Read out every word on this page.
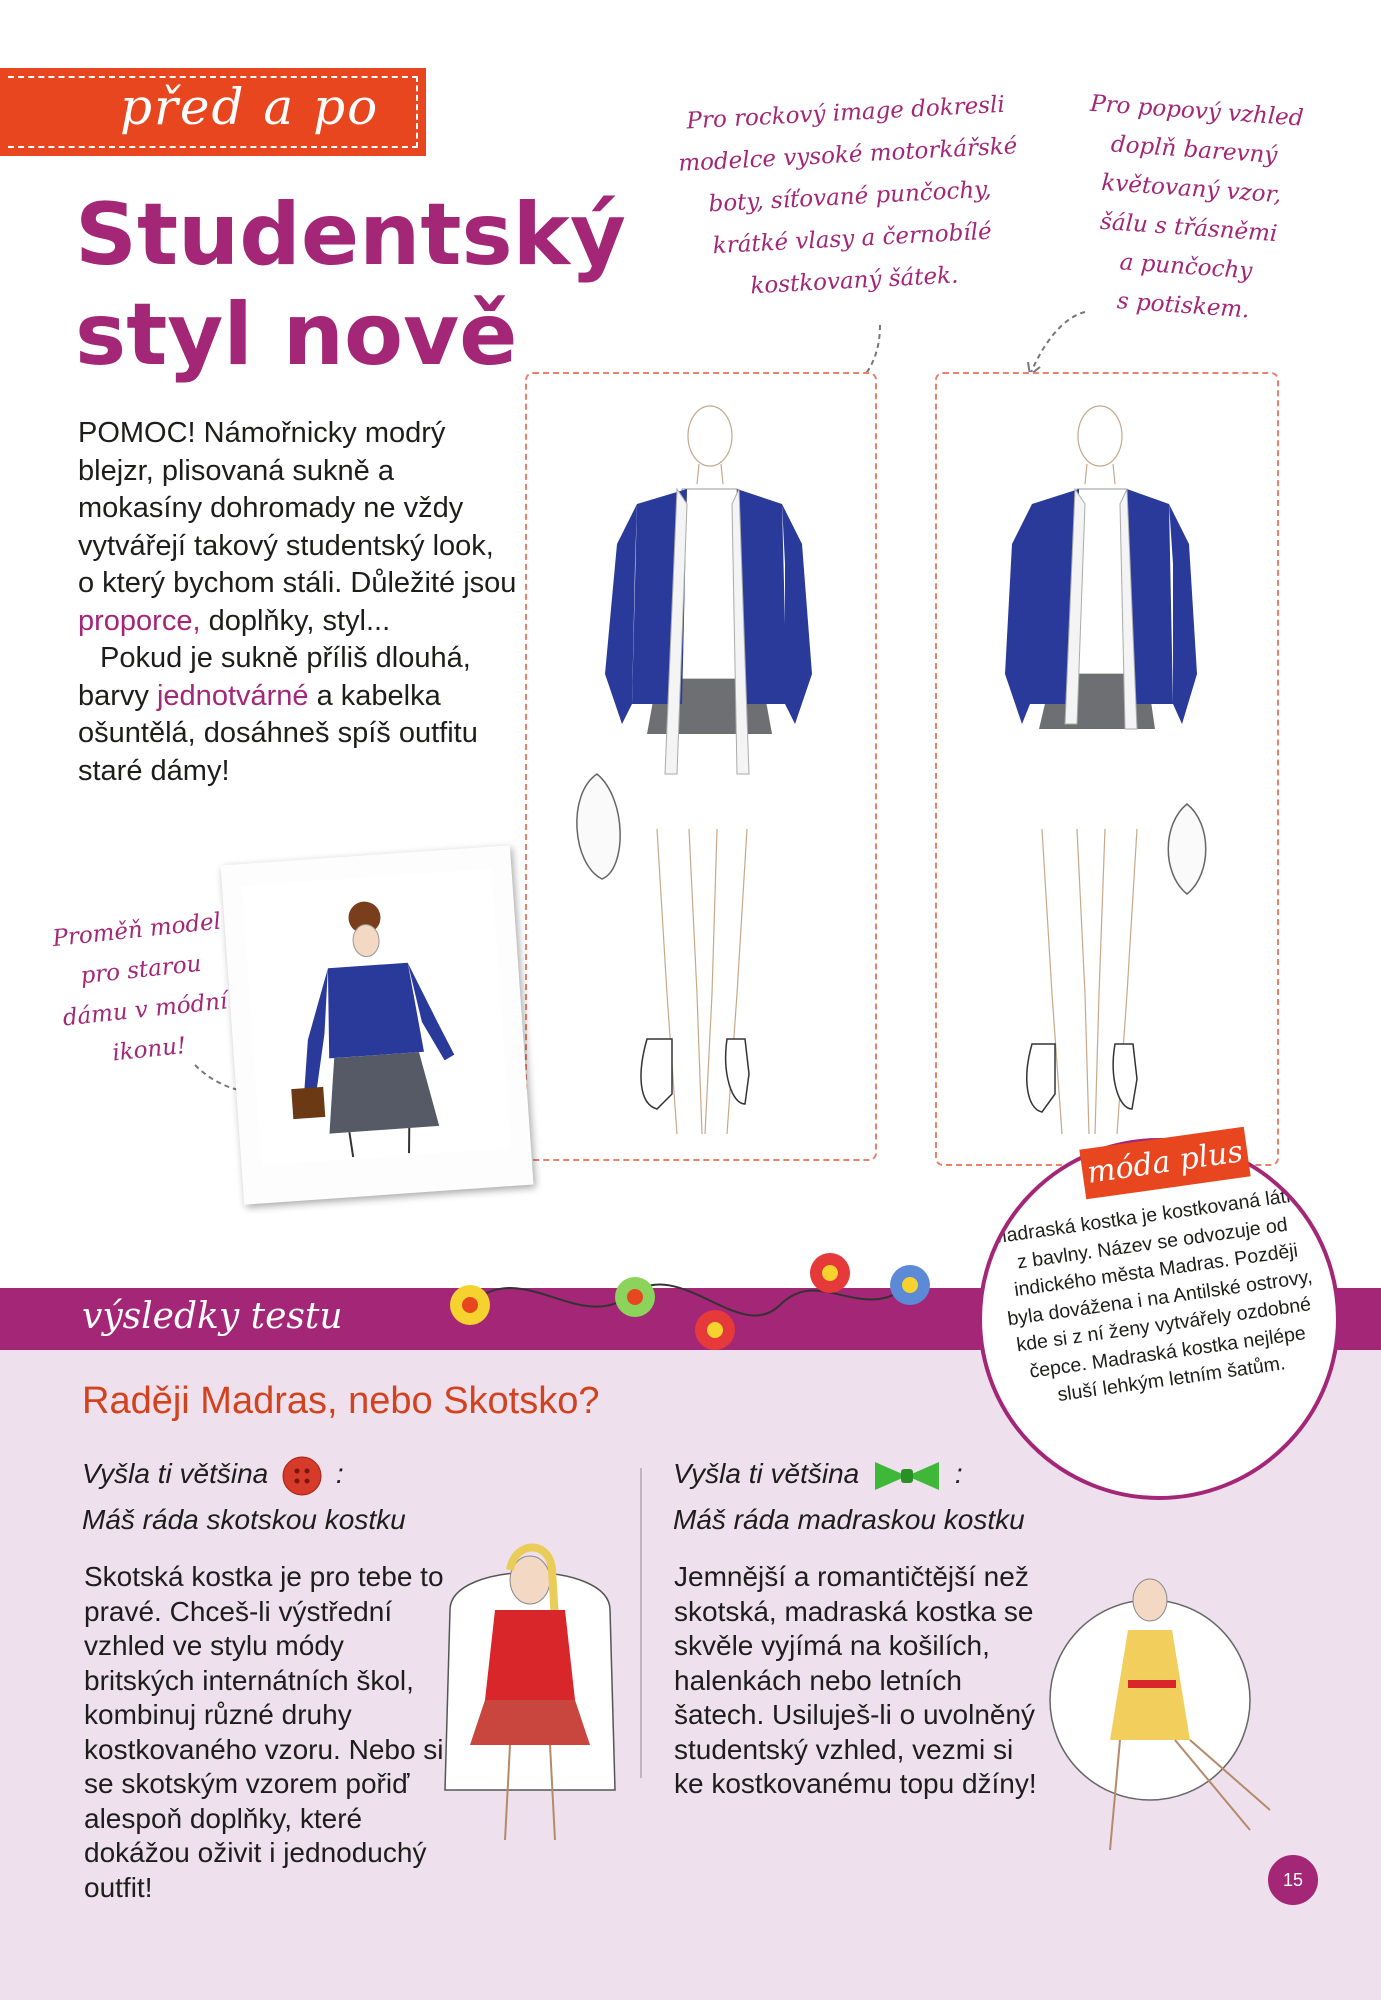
před a po
Studentský
styl nově
POMOC! Námořnicky modrý blejzr, plisovaná sukně a mokasíny dohromady ne vždy vytvářejí takový studentský look, o který bychom stáli. Důležité jsou proporce, doplňky, styl...
Pokud je sukně příliš dlouhá, barvy jednotvárné a kabelka ošuntělá, dosáhneš spíš outfitu staré dámy!
Pro rockový image dokresli
modelce vysoké motorkářské
boty, síťované punčochy,
krátké vlasy a černobílé
kostkovaný šátek.
Pro popový vzhled
doplň barevný
květovaný vzor,
šálu s třásněmi
a punčochy
s potiskem.
Proměň model
pro starou
dámu v módní
ikonu!
výsledky testu
Raději Madras, nebo Skotsko?
Vyšla ti většina :
Máš ráda skotskou kostku
Vyšla ti většina	:
Máš ráda madraskou kostku
Skotská kostka je pro tebe to pravé. Chceš-li výstřední vzhled ve stylu módy britských internátních škol, kombinuj různé druhy kostkovaného vzoru. Nebo si se skotským vzorem pořiď alespoň doplňky, které dokážou oživit i jednoduchý outfit!
Jemnější a romantičtější než skotská, madraská kostka se skvěle vyjímá na košilích, halenkách nebo letních šatech. Usiluješ-li o uvolněný studentský vzhled, vezmi si ke kostkovanému topu džíny!
Madraská kostka je kostkovaná látka z bavlny. Název se odvozuje od indického města Madras. Později byla dovážena i na Antilské ostrovy, kde si z ní ženy vytvářely ozdobné čepce. Madraská kostka nejlépe sluší lehkým letním šatům.
móda plus
15
